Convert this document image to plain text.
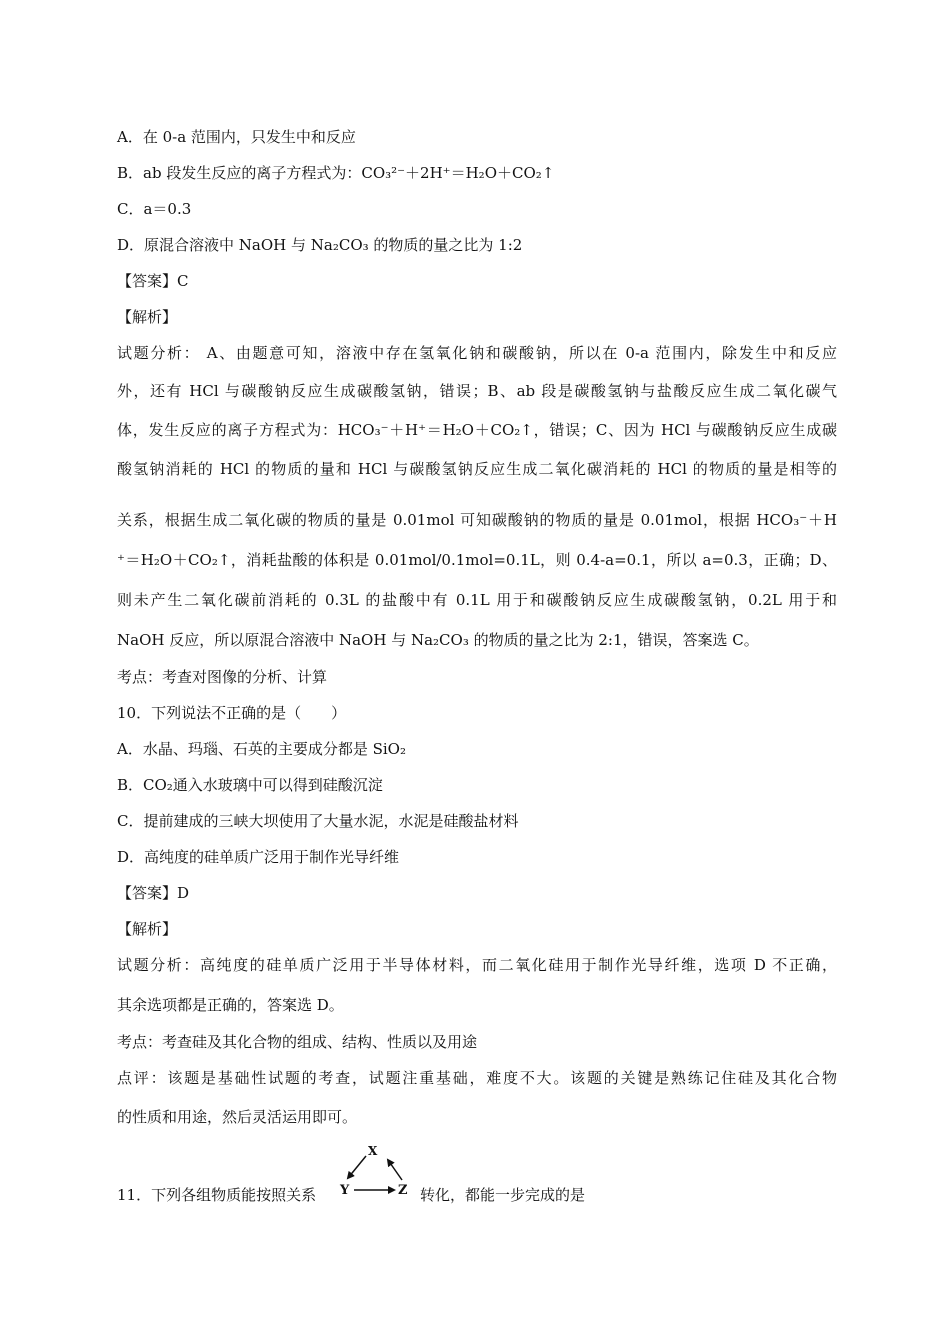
A．在 0-a 范围内，只发生中和反应
B．ab 段发生反应的离子方程式为：CO₃²⁻＋2H⁺＝H₂O＋CO₂↑
C．a＝0.3
D．原混合溶液中 NaOH 与 Na₂CO₃ 的物质的量之比为 1:2
【答案】C
【解析】
试题分析： A、由题意可知，溶液中存在氢氧化钠和碳酸钠，所以在 0-a 范围内，除发生中和反应
外，还有 HCl 与碳酸钠反应生成碳酸氢钠，错误；B、ab 段是碳酸氢钠与盐酸反应生成二氧化碳气
体，发生反应的离子方程式为：HCO₃⁻＋H⁺＝H₂O＋CO₂↑，错误；C、因为 HCl 与碳酸钠反应生成碳
酸氢钠消耗的 HCl 的物质的量和 HCl 与碳酸氢钠反应生成二氧化碳消耗的 HCl 的物质的量是相等的
关系，根据生成二氧化碳的物质的量是 0.01mol 可知碳酸钠的物质的量是 0.01mol，根据 HCO₃⁻＋H
⁺＝H₂O＋CO₂↑，消耗盐酸的体积是 0.01mol/0.1mol=0.1L，则 0.4-a=0.1，所以 a=0.3，正确；D、
则未产生二氧化碳前消耗的 0.3L 的盐酸中有 0.1L 用于和碳酸钠反应生成碳酸氢钠，0.2L 用于和
NaOH 反应，所以原混合溶液中 NaOH 与 Na₂CO₃ 的物质的量之比为 2:1，错误，答案选 C。
考点：考查对图像的分析、计算
10．下列说法不正确的是（　　）
A．水晶、玛瑙、石英的主要成分都是 SiO₂
B．CO₂通入水玻璃中可以得到硅酸沉淀
C．提前建成的三峡大坝使用了大量水泥，水泥是硅酸盐材料
D．高纯度的硅单质广泛用于制作光导纤维
【答案】D
【解析】
试题分析：高纯度的硅单质广泛用于半导体材料，而二氧化硅用于制作光导纤维，选项 D 不正确，
其余选项都是正确的，答案选 D。
考点：考查硅及其化合物的组成、结构、性质以及用途
点评：该题是基础性试题的考查，试题注重基础，难度不大。该题的关键是熟练记住硅及其化合物
的性质和用途，然后灵活运用即可。
11．下列各组物质能按照关系
X
Y	Z 转化，都能一步完成的是
